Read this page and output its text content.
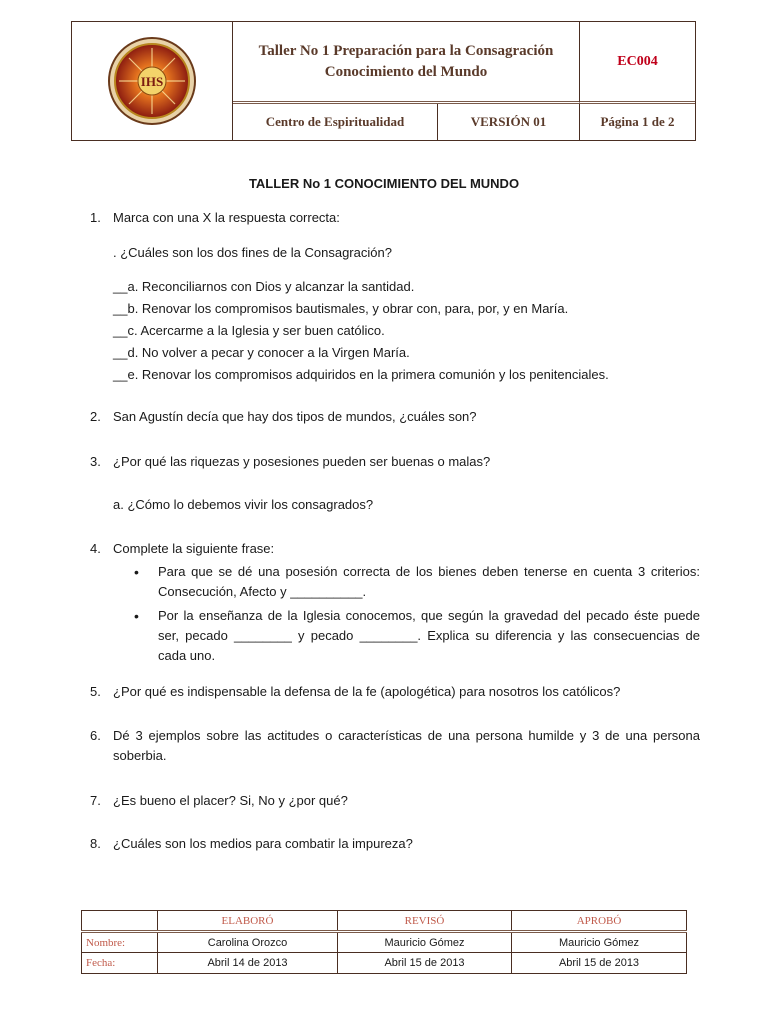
IHS
Taller No 1 Preparación para la Consagración
Conocimiento del Mundo
EC004
Centro de Espiritualidad	VERSIÓN 01	Página 1 de 2
TALLER No 1 CONOCIMIENTO DEL MUNDO
1. Marca con una X la respuesta correcta:
. ¿Cuáles son los dos fines de la Consagración?
__a. Reconciliarnos con Dios y alcanzar la santidad.
__b. Renovar los compromisos bautismales, y obrar con, para, por, y en María.
__c. Acercarme a la Iglesia y ser buen católico.
__d. No volver a pecar y conocer a la Virgen María.
__e. Renovar los compromisos adquiridos en la primera comunión y los penitenciales.
2. San Agustín decía que hay dos tipos de mundos, ¿cuáles son?
3. ¿Por qué las riquezas y posesiones pueden ser buenas o malas?
a. ¿Cómo lo debemos vivir los consagrados?
4. Complete la siguiente frase:
• Para que se dé una posesión correcta de los bienes deben tenerse en cuenta 3 criterios: Consecución, Afecto y __________.
• Por la enseñanza de la Iglesia conocemos, que según la gravedad del pecado éste puede ser, pecado ________ y pecado ________. Explica su diferencia y las consecuencias de cada uno.
5. ¿Por qué es indispensable la defensa de la fe (apologética) para nosotros los católicos?
6. Dé 3 ejemplos sobre las actitudes o características de una persona humilde y 3 de una persona soberbia.
7. ¿Es bueno el placer? Si, No y ¿por qué?
8. ¿Cuáles son los medios para combatir la impureza?
	ELABORÓ	REVISÓ	APROBÓ
Nombre:	Carolina Orozco	Mauricio Gómez	Mauricio Gómez
Fecha:	Abril 14 de 2013	Abril 15 de 2013	Abril 15 de 2013
